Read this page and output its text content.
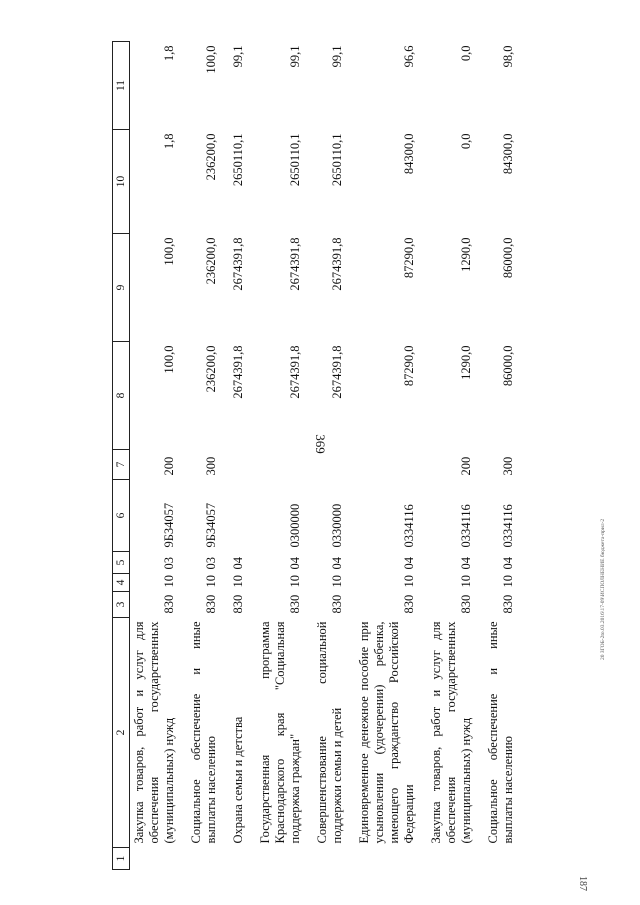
369
187
20 ЗГОБ-2to.03.2016\17-09\ИСПОЛНЕНИЕ бюджета-прил-2
1	2	3	4	5	6	7	8	9	10	11
	Закупка товаров, работ и услуг для обеспечения государственных (муниципальных) нужд	830	10	03	9Б34057	200	100,0	100,0	1,8	1,8

	Социальное обеспечение и иные выплаты населению	830	10	03	9Б34057	300	236200,0	236200,0	236200,0	100,0

	Охрана семьи и детства	830	10	04			2674391,8	2674391,8	2650110,1	99,1

	Государственная программа Краснодарского края "Социальная поддержка граждан"	830	10	04	0300000		2674391,8	2674391,8	2650110,1	99,1

	Совершенствование социальной поддержки семьи и детей	830	10	04	0330000		2674391,8	2674391,8	2650110,1	99,1

	Единовременное денежное пособие при усыновлении (удочерении) ребенка, имеющего гражданство Российской Федерации	830	10	04	0334116		87290,0	87290,0	84300,0	96,6

	Закупка товаров, работ и услуг для обеспечения государственных (муниципальных) нужд	830	10	04	0334116	200	1290,0	1290,0	0,0	0,0

	Социальное обеспечение и иные выплаты населению	830	10	04	0334116	300	86000,0	86000,0	84300,0	98,0
